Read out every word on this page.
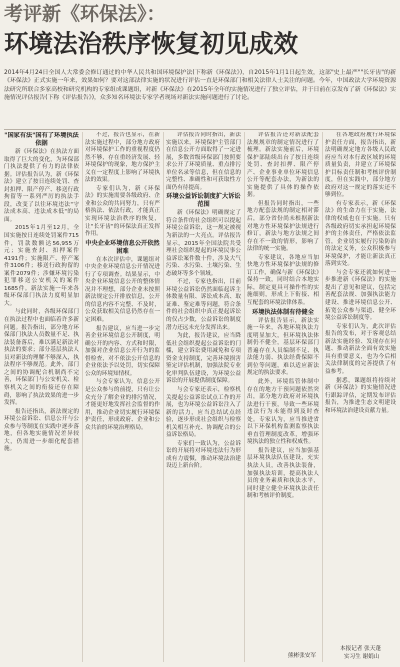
考评新《环保法》：
环境法治秩序恢复初见成效
2014年4月24日全国人大常委会修订通过的中华人民共和国环境保护法(下称新《环保法》)，自2015年1月1日起生效，这部"史上最严""长牙齿"的新《环保法》正式实施一年来，效果如何？要对这部法律实施的状况进行评估一直是环保部门和相关法律人士关注的问题。今年，中国政法大学环境资源法研究所联合多家高校和研究机构的专家组成课题组，对新《环保法》在2015年全年的实施情况进行了独立评估，并于日前在京发布了新《环保法》实施情况评估报告(下称《评估报告》)，众多知名环境法专家学者现场对新法实施问题进行了讨论。

"国家有法"国有了环境执法依据

新《环保法》在执法方面取得了巨大的变化，为环保部门执法提供了有力的法律依据。评估报告认为，新《环保法》建立了按日连续处罚、查封扣押、限产停产、移送行政拘留等一系列严厉的执法手段，改变了以往环境违法"守法成本高、违法成本低"的局面。

2015年1月至12月，全国实施按日连续处罚案件715件，罚款数额达56,955万元；实施查封、扣押案件4191件；实施限产、停产案件3106件；移送行政拘留的案件2079件；涉嫌环境污染犯罪移送公安机关的案件1685件。新法实施一年来各级环保部门执法力度明显加大。

与此同时，各级环保部门在执法过程中也面临着许多新问题。报告指出，部分地方环保部门执法人员数量不足、执法装备落后，难以满足新法对执法的要求；部分基层执法人员对新法的理解不够深入，执法程序不够规范。此外，部门之间的协调配合机制尚不完善，环保部门与公安机关、检察机关之间的衔接还存在障碍，影响了执法效果的进一步发挥。

报告还指出，新法规定的环境公益诉讼、信息公开与公众参与等制度在实践中逐步落地，但各地实施情况差异较大，仍需进一步细化配套措施。

不过，报告也显示，在新法实施过程中，部分地方政府对环境保护工作的重视程度仍然不够，存在重经济发展、轻环境保护的现象，地方保护主义在一定程度上影响了环境执法的效果。

专家们认为，新《环保法》的实施需要各级政府、企业和公众的共同努力，只有严格执法、依法行政，才能真正实现环境法治秩序的恢复，让"长牙齿"的环保法真正发挥作用。

中央企业环境信息公开依然困难

在本次评估中，课题组对中央企业环境信息公开情况进行了专项调查。结果显示，中央企业环境信息公开的整体情况并不理想，部分企业未按照新法规定公开排放信息，公开的信息内容不完整、不及时，公众获取相关信息仍然存在一定困难。

报告建议，应当进一步完善企业环境信息公开制度，明确公开的内容、方式和时限，加强对企业信息公开行为的监督检查，对不依法公开信息的企业依法予以处罚，切实保障公众的环境知情权。

与会专家认为，信息公开是公众参与的前提，只有让公众充分了解企业的排污情况，才能更好地发挥社会监督的作用，推动企业切实履行环境保护责任，形成政府、企业和公众共治的环境治理格局。

评估报告同时指出，新法实施以来，环境保护主管部门在信息公开方面取得了一定进展，多数省级环保部门按照要求公开了环境质量、重点排污单位名录等信息，但在信息的完整性、准确性和可获取性方面仍有待提高。

环境公益诉讼制度扩大诉讼范围

新《环保法》明确规定了符合条件的社会组织可以提起环境公益诉讼，这一规定被视为新法的一大亮点。评估报告显示，2015年全国法院共受理社会组织提起的环境民事公益诉讼案件数十件，涉及大气污染、水污染、土壤污染、生态破坏等多个领域。

不过，专家也指出，目前环境公益诉讼仍然面临起诉主体数量有限、诉讼成本高、取证难、鉴定难等问题，符合条件的社会组织中真正提起诉讼的仅占少数，公益诉讼的制度潜力还远未充分发挥出来。

为此，报告建议，应当降低社会组织提起公益诉讼的门槛，建立诉讼费用减免和专项资金支持制度，完善环境损害鉴定评估机制，加强法院专业化审判队伍建设，为环境公益诉讼的开展提供制度保障。

与会专家还表示，检察机关提起公益诉讼试点工作的开展，也为环境公益诉讼注入了新的活力，应当总结试点经验，逐步形成社会组织与检察机关相互补充、协调配合的公益诉讼格局。

专家们一致认为，公益诉讼的开展将对环境违法行为形成有力震慑，推动环境法治建设迈上新台阶。

评估报告还对新法配套法规规章的制定情况进行了梳理。新法实施前后，环境保护部陆续出台了按日连续处罚、查封扣押、限产停产、企业事业单位环境信息公开等配套办法，为新法的实施提供了具体的操作依据。

但报告同时指出，一些地方配套法规的制定相对滞后，部分省份尚未根据新法对地方性环境保护法规进行修订，新法与地方法规之间存在不一致的情形，影响了法律的统一实施。

专家建议，各地应当加快地方性环境保护法规的修订工作，确保与新《环保法》保持一致，同时结合本地实际，制定更具可操作性的实施细则，形成上下衔接、相互配套的环境法律体系。

环境执法体制有待健全

评估报告显示，新法实施一年来，各地环境执法力度明显加大，但环境执法体制仍不健全，基层环保部门普遍存在人员编制不足、执法能力弱、执法经费保障不到位等问题，难以适应新法规定的执法要求。

此外，环境监管体制中存在的地方干预问题依然突出，部分地方政府对环境执法进行干预，导致一些环境违法行为未能得到及时查处。专家认为，应当推进省以下环保机构监测监察执法垂直管理制度改革，增强环境执法的独立性和权威性。

报告建议，应当加强基层环境执法队伍建设，充实执法人员，改善执法装备，加强执法培训，提高执法人员的业务素质和执法水平，同时建立健全环境执法责任制和考核评价制度。

在各地政府履行环境保护责任方面，报告指出，新法明确规定地方各级人民政府应当对本行政区域的环境质量负责，并建立了环境保护目标责任制和考核评价制度，但在实践中，部分地方政府对这一规定的落实还不够到位。

有专家表示，新《环保法》的生命力在于实施，法律的权威也在于实施。只有各级政府切实承担起环境保护的主体责任，严格依法监管，企业切实履行污染防治的法定义务，公众积极参与环境保护，才能让新法真正落到实处。

与会专家还就如何进一步推进新《环保法》的实施提出了意见和建议，包括完善配套法规、加强执法能力建设、推进环境信息公开、拓宽公众参与渠道、健全环境公益诉讼制度等。

专家们认为，此次评估报告的发布，对于客观总结新法实施经验、发现存在问题、推动新法全面有效实施具有重要意义，也为今后相关法律制度的完善提供了有益参考。

据悉，课题组将持续对新《环保法》的实施情况进行跟踪评估，定期发布评估报告，为推进生态文明建设和环境法治建设贡献力量。

熊彬张安军
本报记者 张天蓬
实习生 谢娟山
